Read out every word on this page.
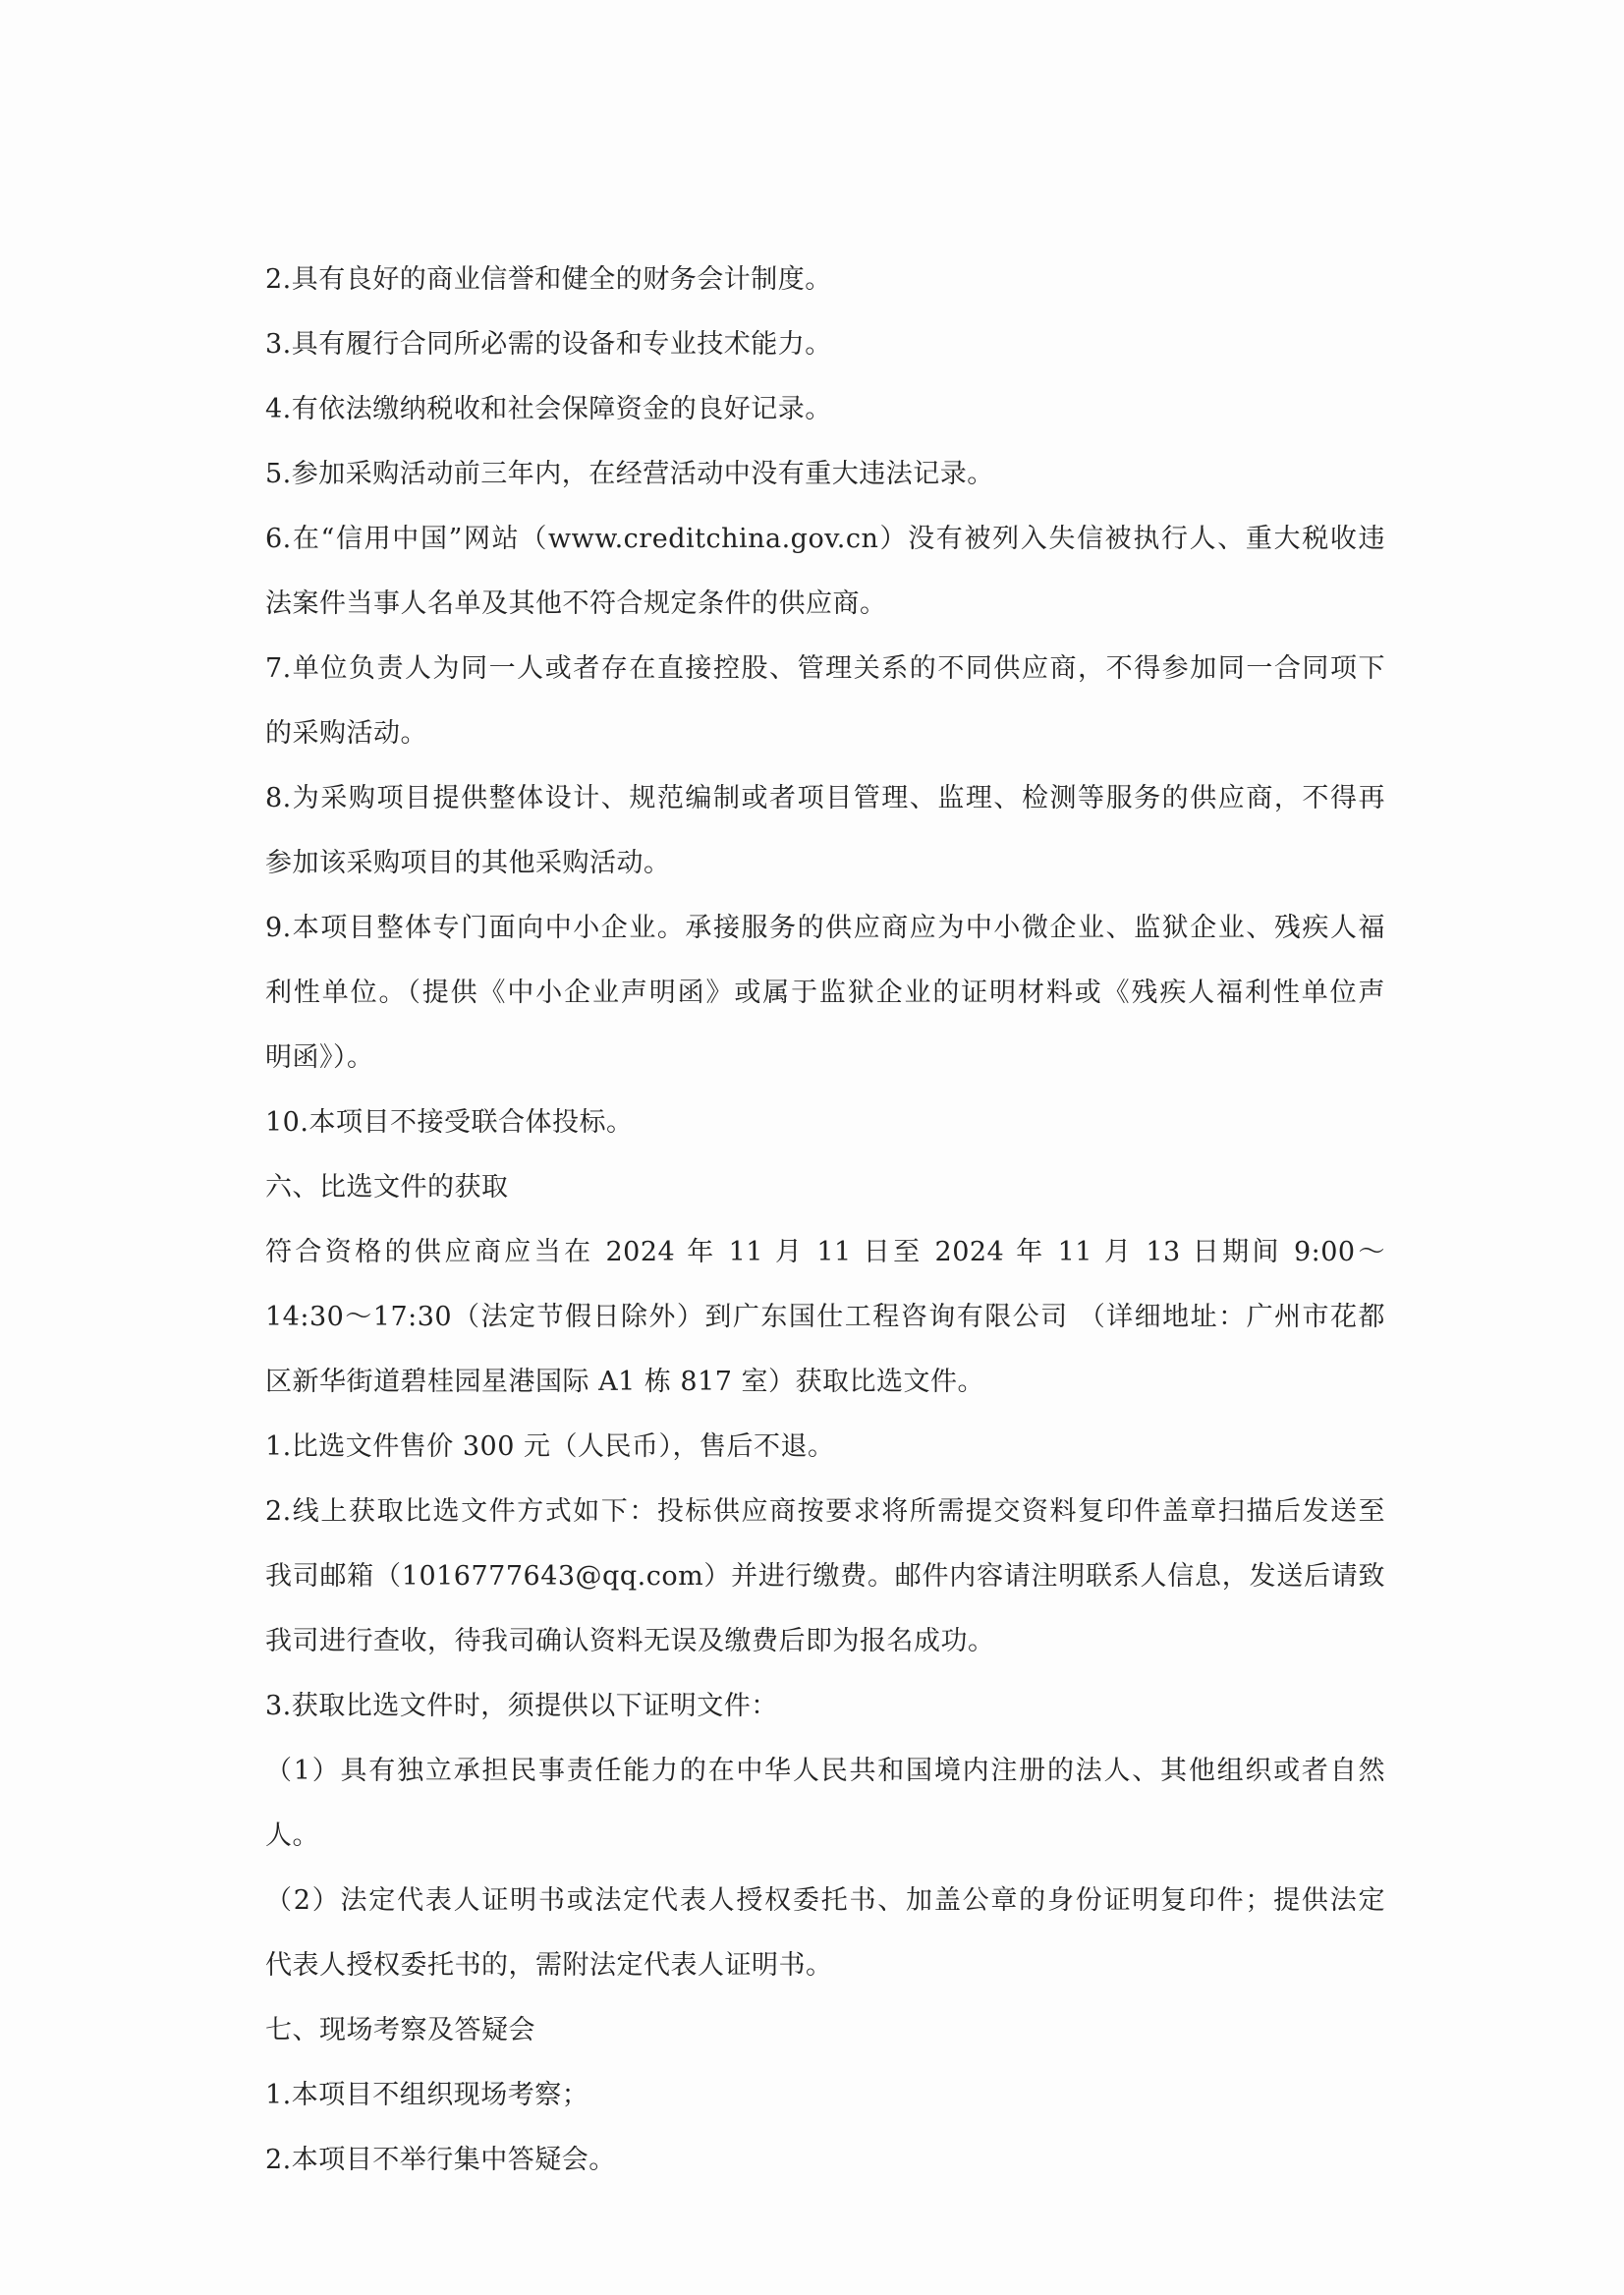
2.具有良好的商业信誉和健全的财务会计制度。
3.具有履行合同所必需的设备和专业技术能力。
4.有依法缴纳税收和社会保障资金的良好记录。
5.参加采购活动前三年内，在经营活动中没有重大违法记录。
6.在“信用中国”网站（www.creditchina.gov.cn）没有被列入失信被执行人、重大税收违
法案件当事人名单及其他不符合规定条件的供应商。
7.单位负责人为同一人或者存在直接控股、管理关系的不同供应商，不得参加同一合同项下
的采购活动。
8.为采购项目提供整体设计、规范编制或者项目管理、监理、检测等服务的供应商，不得再
参加该采购项目的其他采购活动。
9.本项目整体专门面向中小企业。承接服务的供应商应为中小微企业、监狱企业、残疾人福
利性单位。（提供《中小企业声明函》或属于监狱企业的证明材料或《残疾人福利性单位声
明函》）。
10.本项目不接受联合体投标。
六、比选文件的获取
符合资格的供应商应当在 2024 年 11 月 11 日至 2024 年 11 月 13 日期间 9:00～
14:30～17:30（法定节假日除外）到广东国仕工程咨询有限公司 （详细地址：广州市花都
区新华街道碧桂园星港国际 A1 栋 817 室）获取比选文件。
1.比选文件售价 300 元（人民币），售后不退。
2.线上获取比选文件方式如下：投标供应商按要求将所需提交资料复印件盖章扫描后发送至
我司邮箱（1016777643@qq.com）并进行缴费。邮件内容请注明联系人信息，发送后请致
我司进行查收，待我司确认资料无误及缴费后即为报名成功。
3.获取比选文件时，须提供以下证明文件：
（1）具有独立承担民事责任能力的在中华人民共和国境内注册的法人、其他组织或者自然
人。
（2）法定代表人证明书或法定代表人授权委托书、加盖公章的身份证明复印件；提供法定
代表人授权委托书的，需附法定代表人证明书。
七、现场考察及答疑会
1.本项目不组织现场考察；
2.本项目不举行集中答疑会。
